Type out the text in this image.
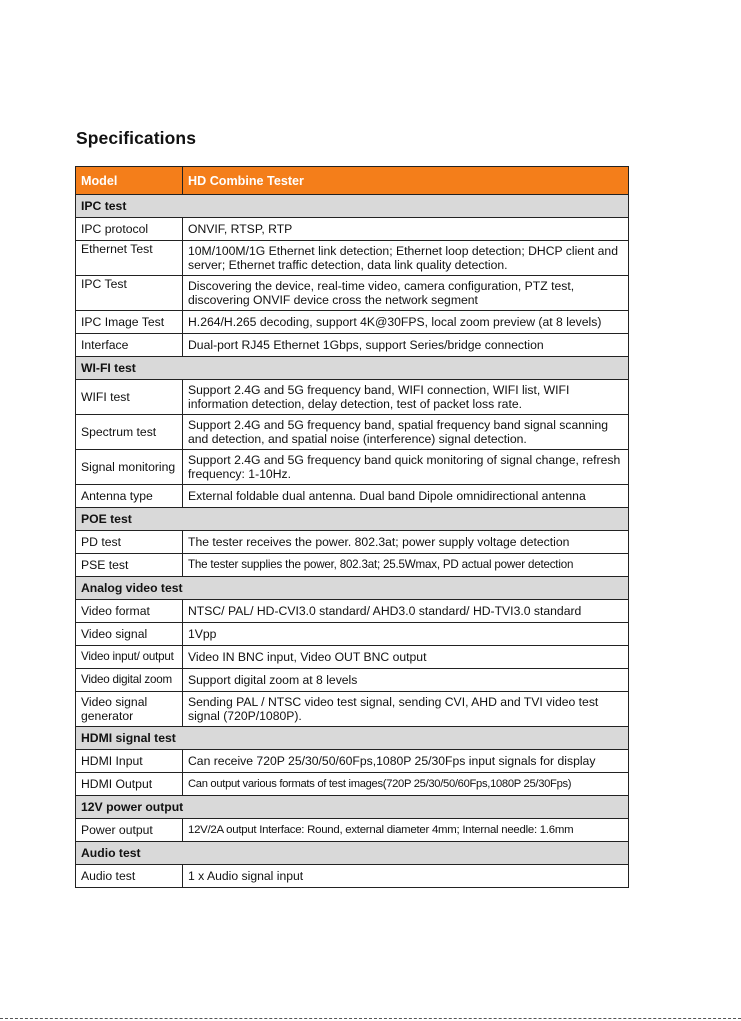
Specifications
Model	HD Combine Tester
IPC test	
IPC protocol	ONVIF, RTSP, RTP
Ethernet Test	10M/100M/1G Ethernet link detection; Ethernet loop detection; DHCP client and server; Ethernet traffic detection, data link quality detection.
IPC Test	Discovering the device, real-time video, camera configuration, PTZ test, discovering ONVIF device cross the network segment
IPC Image Test	H.264/H.265 decoding, support 4K@30FPS, local zoom preview (at 8 levels)
Interface	Dual-port RJ45 Ethernet 1Gbps, support Series/bridge connection
WI-FI test	
WIFI test	Support 2.4G and 5G frequency band, WIFI connection, WIFI list, WIFI information detection, delay detection, test of packet loss rate.
Spectrum test	Support 2.4G and 5G frequency band, spatial frequency band signal scanning and detection, and spatial noise (interference) signal detection.
Signal monitoring	Support 2.4G and 5G frequency band quick monitoring of signal change, refresh frequency: 1-10Hz.
Antenna type	External foldable dual antenna. Dual band Dipole omnidirectional antenna
POE test	
PD test	The tester receives the power. 802.3at; power supply voltage detection
PSE test	The tester supplies the power, 802.3at; 25.5Wmax, PD actual power detection
Analog video test	
Video format	NTSC/ PAL/ HD-CVI3.0 standard/ AHD3.0 standard/ HD-TVI3.0 standard
Video signal	1Vpp
Video input/ output	Video IN BNC input, Video OUT BNC output
Video digital zoom	Support digital zoom at 8 levels
Video signal generator	Sending PAL / NTSC video test signal, sending CVI, AHD and TVI video test signal (720P/1080P).
HDMI signal test	
HDMI Input	Can receive 720P 25/30/50/60Fps,1080P 25/30Fps input signals for display
HDMI Output	Can output various formats of test images(720P 25/30/50/60Fps,1080P 25/30Fps)
12V power output	
Power output	12V/2A output Interface: Round, external diameter 4mm; Internal needle: 1.6mm
Audio test	
Audio test	1 x Audio signal input
